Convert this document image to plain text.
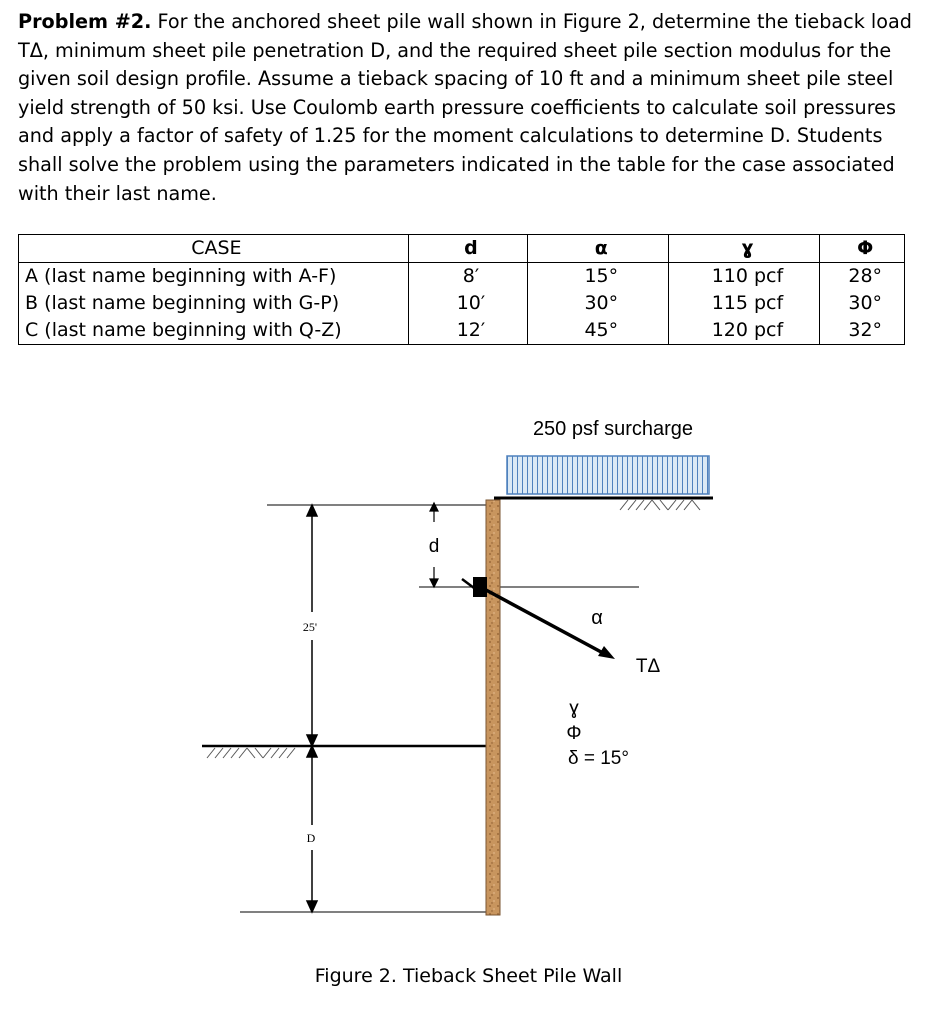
Problem #2. For the anchored sheet pile wall shown in Figure 2, determine the tieback load TΔ, minimum sheet pile penetration D, and the required sheet pile section modulus for the given soil design profile. Assume a tieback spacing of 10 ft and a minimum sheet pile steel yield strength of 50 ksi. Use Coulomb earth pressure coefficients to calculate soil pressures and apply a factor of safety of 1.25 for the moment calculations to determine D. Students shall solve the problem using the parameters indicated in the table for the case associated with their last name.

CASE	d	α	ɣ	Φ
A (last name beginning with A-F)	8′	15°	110 pcf	28°
B (last name beginning with G-P)	10′	30°	115 pcf	30°
C (last name beginning with Q-Z)	12′	45°	120 pcf	32°
250 psf surcharge
25'
D
d
α
TΔ
ɣ
Φ
δ = 15°

Figure 2. Tieback Sheet Pile Wall
